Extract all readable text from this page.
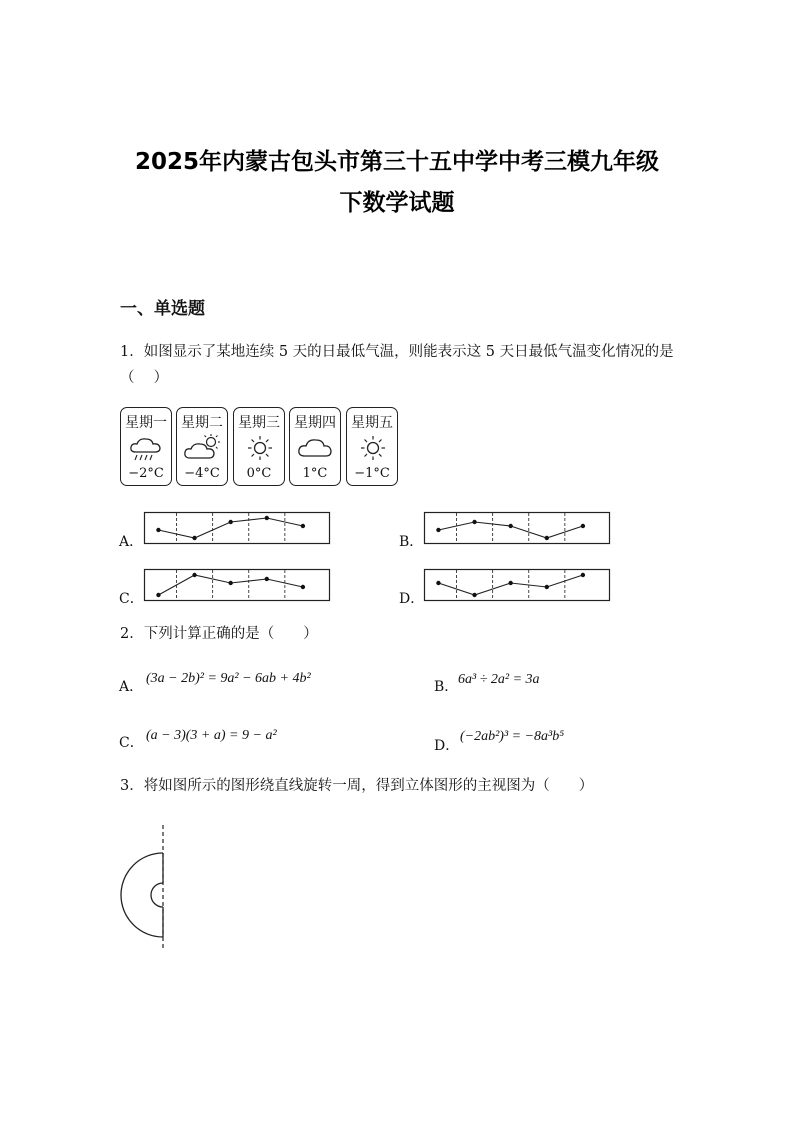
2025年内蒙古包头市第三十五中学中考三模九年级
下数学试题
一、单选题
1．如图显示了某地连续 5 天的日最低气温，则能表示这 5 天日最低气温变化情况的是（　 ）
星期一
−2°C
星期二
−4°C
星期三
0°C
星期四
1°C
星期五
−1°C
A．	B．
C．	D．
2．下列计算正确的是（　　）
A．
(3a − 2b)² = 9a² − 6ab + 4b²
B． 6a³ ÷ 2a² = 3a
C． (a − 3)(3 + a) = 9 − a²
D．
(−2ab²)³ = −8a³b⁵
3．将如图所示的图形绕直线旋转一周，得到立体图形的主视图为（　　）
